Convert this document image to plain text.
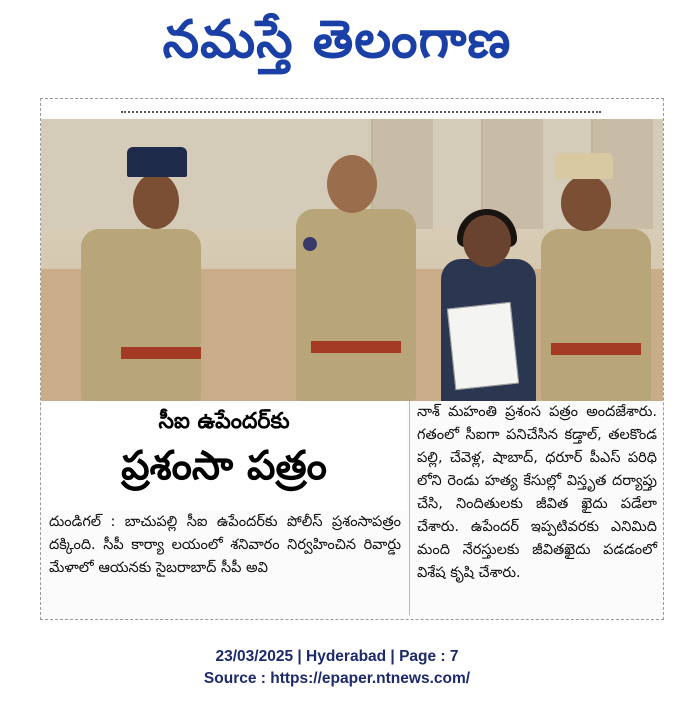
నమస్తే తెలంగాణ
సీఐ ఉపేందర్‌కు
ప్రశంసా పత్రం
దుండిగల్ : బాచుపల్లి సీఐ ఉపేందర్‌కు పోలీస్ ప్రశంసాపత్రం దక్కింది. సీపీ కార్యా లయంలో శనివారం నిర్వహించిన రివార్డు మేళాలో ఆయనకు సైబరాబాద్ సీపీ అవి
నాశ్ మహంతి ప్రశంస పత్రం అందజేశారు. గతంలో సీఐగా పనిచేసిన కడ్తాల్, తలకొండ పల్లి, చేవెళ్ల, షాబాద్, ధరూర్ పీఎస్ పరిధి లోని రెండు హత్య కేసుల్లో విస్తృత దర్యాప్తు చేసి, నిందితులకు జీవిత ఖైదు పడేలా చేశారు. ఉపేందర్ ఇప్పటివరకు ఎనిమిది మంది నేరస్తులకు జీవితఖైదు పడడంలో విశేష కృషి చేశారు.
23/03/2025 | Hyderabad | Page : 7
Source : https://epaper.ntnews.com/
